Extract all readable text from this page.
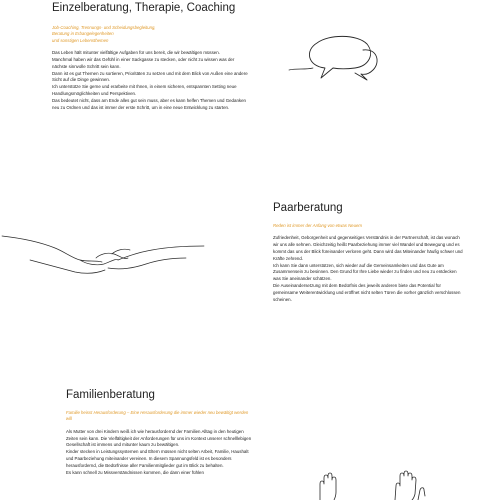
Einzelberatung, Therapie, Coaching
Job-Coaching, Trennungs- und Scheidungsbegleitung,
Beratung in Erbangelegenheiten
und sonstigen Lebensthemen

Das Leben hält mitunter vielfältige Aufgaben für uns bereit, die wir bewältigen müssen.

Manchmal haben wir das Gefühl in einer Sackgasse zu stecken, oder nicht zu wissen was der nächste sinnvolle Schritt sein kann.

Dann ist es gut Themen zu sortieren, Prioritäten zu setzen und mit dem Blick von Außen eine andere Sicht auf die Dinge gewinnen.

Ich unterstütze Sie gerne und erarbeite mit Ihnen, in einem sicheren, entspannten Setting neue Handlungsmöglichkeiten und Perspektiven.

Das bedeutet nicht, dass am Ende alles gut sein muss, aber es kann helfen Themen und Gedanken neu zu Ordnen und das ist immer der erste Schritt, um in eine neue Entwicklung zu starten.

Paarberatung
Reden ist immer der Anfang von etwas Neuem

Zufriedenheit, Geborgenheit und gegenseitiges Verständnis in der Partnerschaft, ist das wonach wir uns alle sehnen. Gleichzeitig heißt Paarbeziehung immer viel Wandel und Bewegung und es kommt das uns der Blick füreinander verloren geht. Dann wird das Miteinander häufig schwer und Kräfte zehrend.

Ich kann Sie dann unterstützen, sich wieder auf die Gemeinsamkeiten und das Gute am Zusammensein zu besinnen. Den Grund für Ihre Liebe wieder zu finden und neu zu entdecken was Sie aneinander schätzen.

Die Auseinandersetzung mit dem Bedürfnis des jeweils anderen biete das Potential für gemeinsame Weiterentwicklung und eröffnet nicht selten Türen die vorher gänzlich verschlossen scheinen.

Familienberatung
Familie heisst Herausforderung – Eine Herausforderung die immer wieder neu bewältigt werden will

Als Mutter von drei Kindern weiß ich wie herausfordernd der Familien Alltag in den heutigen Zeiten sein kann. Die Vielfältigkeit der Anforderungen für uns im Kontext unserer schnelllebigen Gesellschaft ist immens und mitunter kaum zu bewältigen.

Kinder stecken in Leistungssystemen und Eltern müssen nicht selten Arbeit, Familie, Haushalt und Paarbeziehung miteinander vereinen. In diesem Spannungsfeld ist es besonders herausfordernd, die Bedürfnisse aller Familienmitglieder gut im Blick zu behalten.

Es kann schnell zu Missverständnissen kommen, die dann einer fühlen
